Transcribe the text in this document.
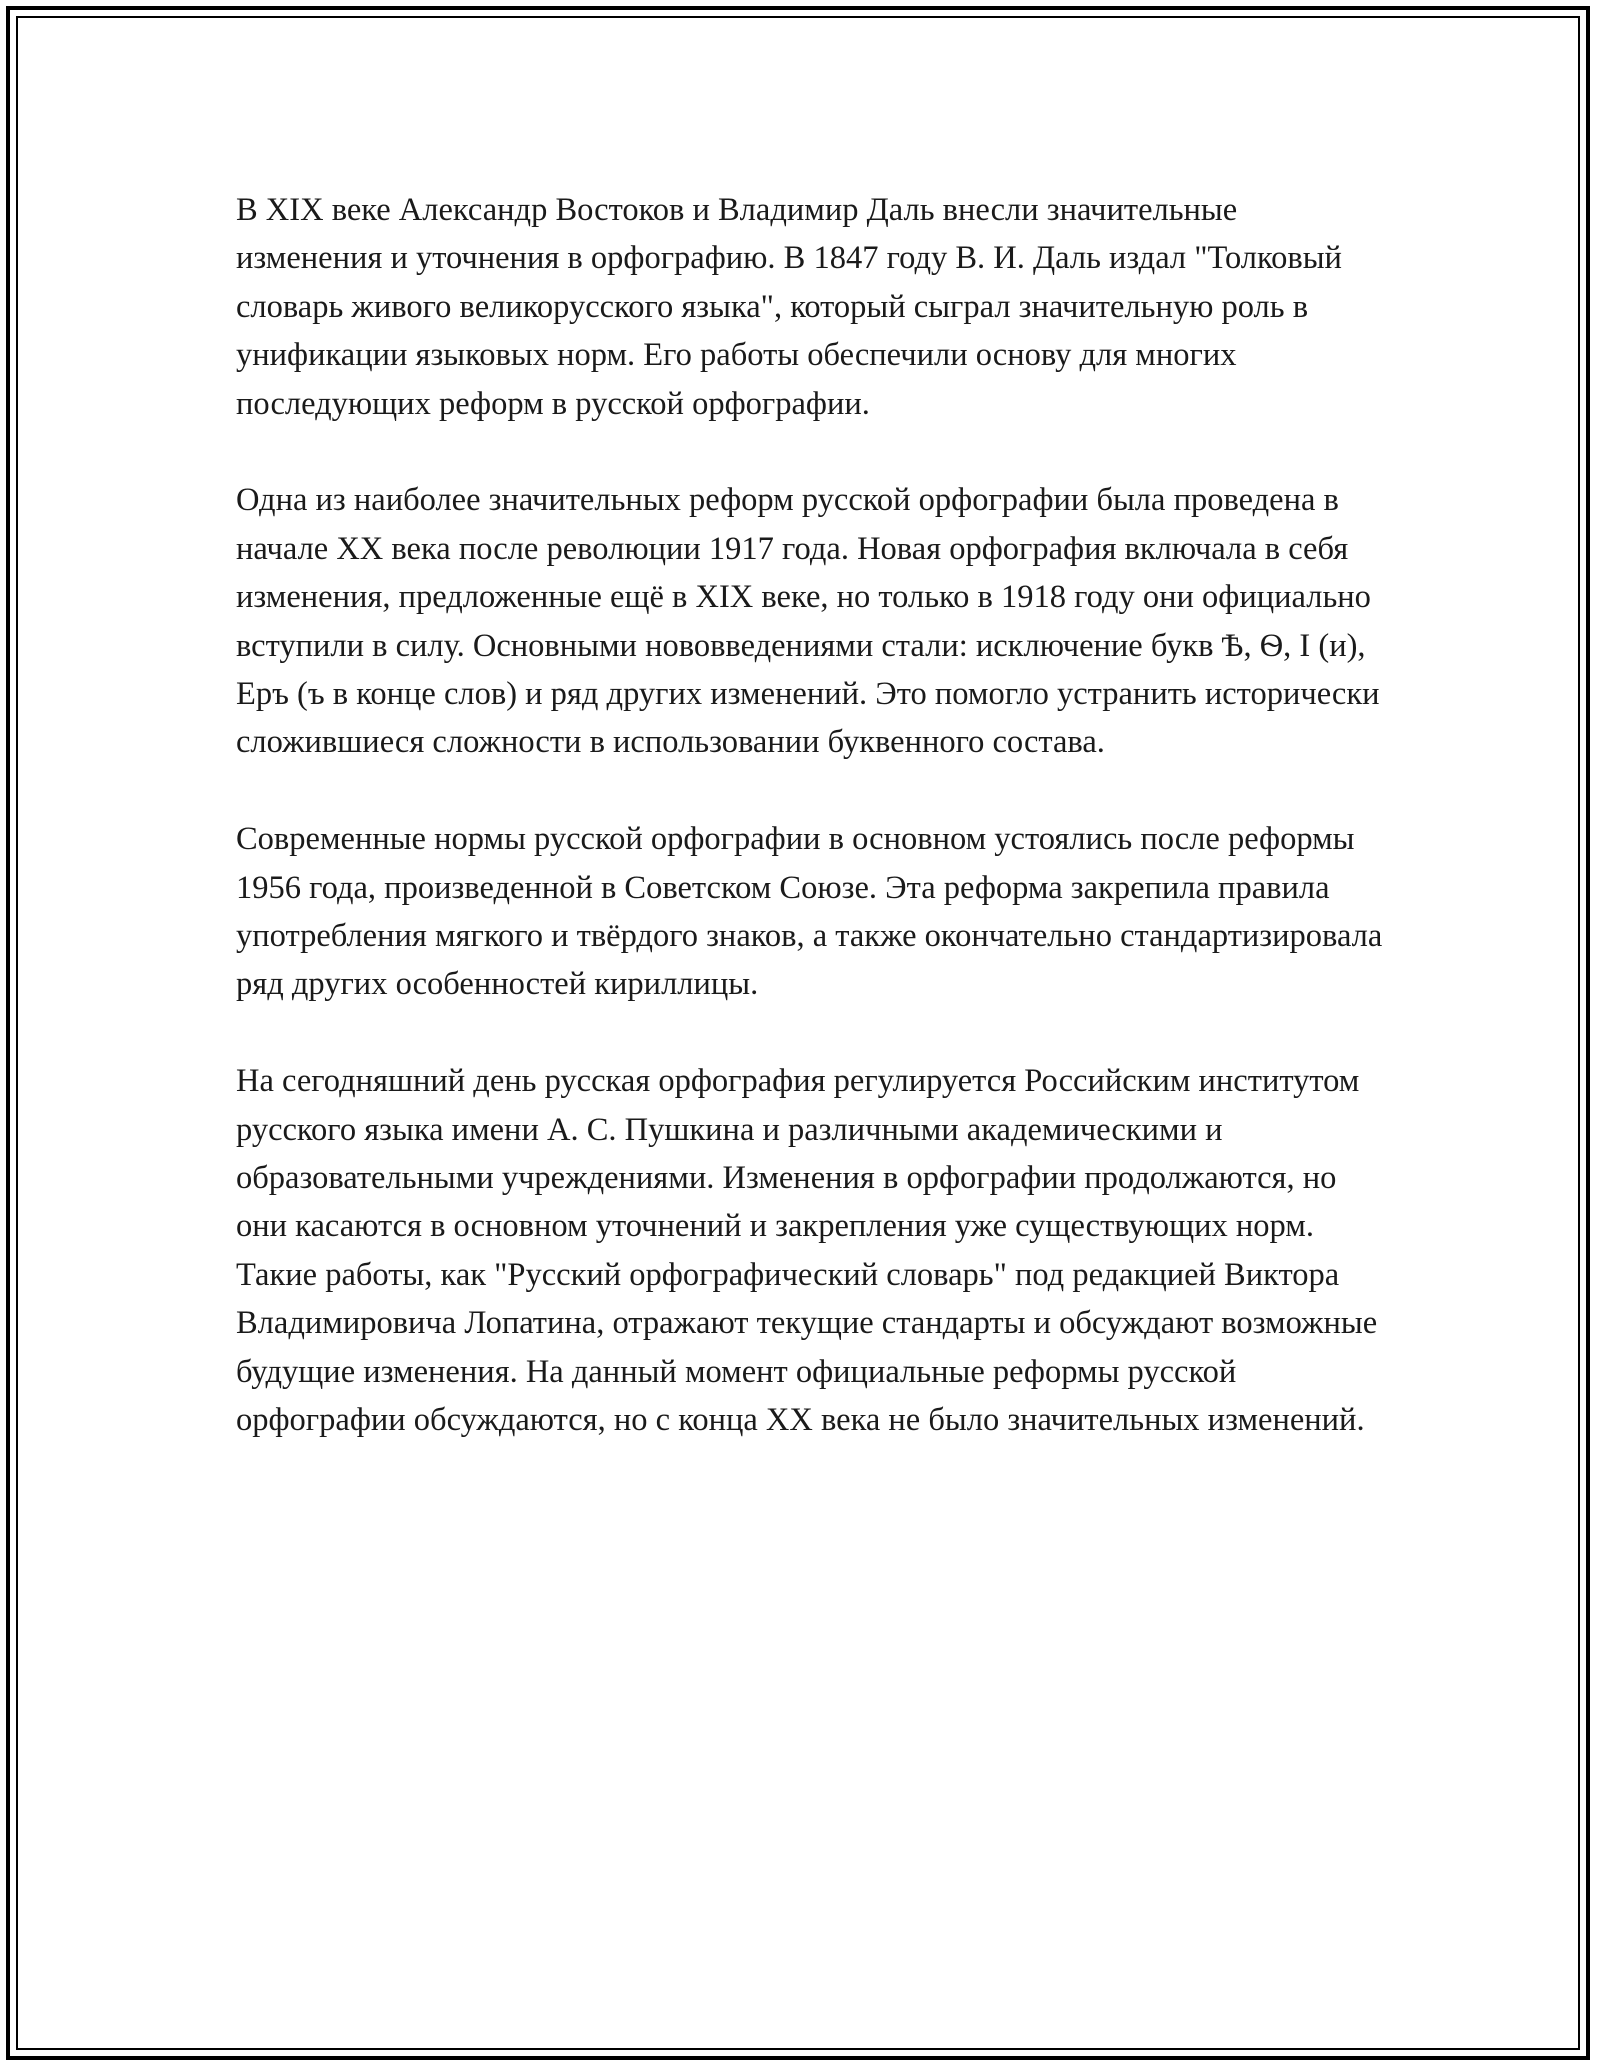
В XIX веке Александр Востоков и Владимир Даль внесли значительные изменения и уточнения в орфографию. В 1847 году В. И. Даль издал "Толковый словарь живого великорусского языка", который сыграл значительную роль в унификации языковых норм. Его работы обеспечили основу для многих последующих реформ в русской орфографии.

Одна из наиболее значительных реформ русской орфографии была проведена в начале XX века после революции 1917 года. Новая орфография включала в себя изменения, предложенные ещё в XIX веке, но только в 1918 году они официально вступили в силу. Основными нововведениями стали: исключение букв Ѣ, Ѳ, І (и), Еръ (ъ в конце слов) и ряд других изменений. Это помогло устранить исторически сложившиеся сложности в использовании буквенного состава.

Современные нормы русской орфографии в основном устоялись после реформы 1956 года, произведенной в Советском Союзе. Эта реформа закрепила правила употребления мягкого и твёрдого знаков, а также окончательно стандартизировала ряд других особенностей кириллицы.

На сегодняшний день русская орфография регулируется Российским институтом русского языка имени А. С. Пушкина и различными академическими и образовательными учреждениями. Изменения в орфографии продолжаются, но они касаются в основном уточнений и закрепления уже существующих норм. Такие работы, как "Русский орфографический словарь" под редакцией Виктора Владимировича Лопатина, отражают текущие стандарты и обсуждают возможные будущие изменения. На данный момент официальные реформы русской орфографии обсуждаются, но с конца XX века не было значительных изменений.
